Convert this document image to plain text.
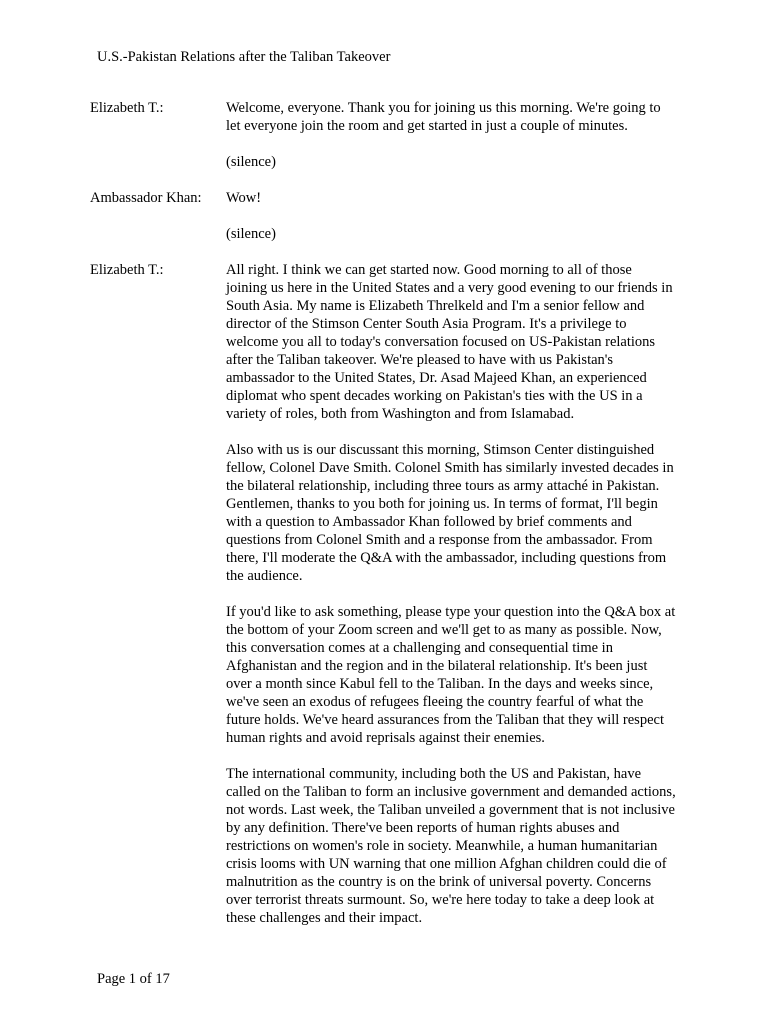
U.S.-Pakistan Relations after the Taliban Takeover
Elizabeth T.:	Welcome, everyone. Thank you for joining us this morning. We're going to let everyone join the room and get started in just a couple of minutes.

(silence)

Ambassador Khan:	Wow!

(silence)

Elizabeth T.:	All right. I think we can get started now. Good morning to all of those joining us here in the United States and a very good evening to our friends in South Asia. My name is Elizabeth Threlkeld and I'm a senior fellow and director of the Stimson Center South Asia Program. It's a privilege to welcome you all to today's conversation focused on US-Pakistan relations after the Taliban takeover. We're pleased to have with us Pakistan's ambassador to the United States, Dr. Asad Majeed Khan, an experienced diplomat who spent decades working on Pakistan's ties with the US in a variety of roles, both from Washington and from Islamabad.

Also with us is our discussant this morning, Stimson Center distinguished fellow, Colonel Dave Smith. Colonel Smith has similarly invested decades in the bilateral relationship, including three tours as army attaché in Pakistan. Gentlemen, thanks to you both for joining us. In terms of format, I'll begin with a question to Ambassador Khan followed by brief comments and questions from Colonel Smith and a response from the ambassador. From there, I'll moderate the Q&A with the ambassador, including questions from the audience.

If you'd like to ask something, please type your question into the Q&A box at the bottom of your Zoom screen and we'll get to as many as possible. Now, this conversation comes at a challenging and consequential time in Afghanistan and the region and in the bilateral relationship. It's been just over a month since Kabul fell to the Taliban. In the days and weeks since, we've seen an exodus of refugees fleeing the country fearful of what the future holds. We've heard assurances from the Taliban that they will respect human rights and avoid reprisals against their enemies.

The international community, including both the US and Pakistan, have called on the Taliban to form an inclusive government and demanded actions, not words. Last week, the Taliban unveiled a government that is not inclusive by any definition. There've been reports of human rights abuses and restrictions on women's role in society. Meanwhile, a human humanitarian crisis looms with UN warning that one million Afghan children could die of malnutrition as the country is on the brink of universal poverty. Concerns over terrorist threats surmount. So, we're here today to take a deep look at these challenges and their impact.

Page 1 of 17
